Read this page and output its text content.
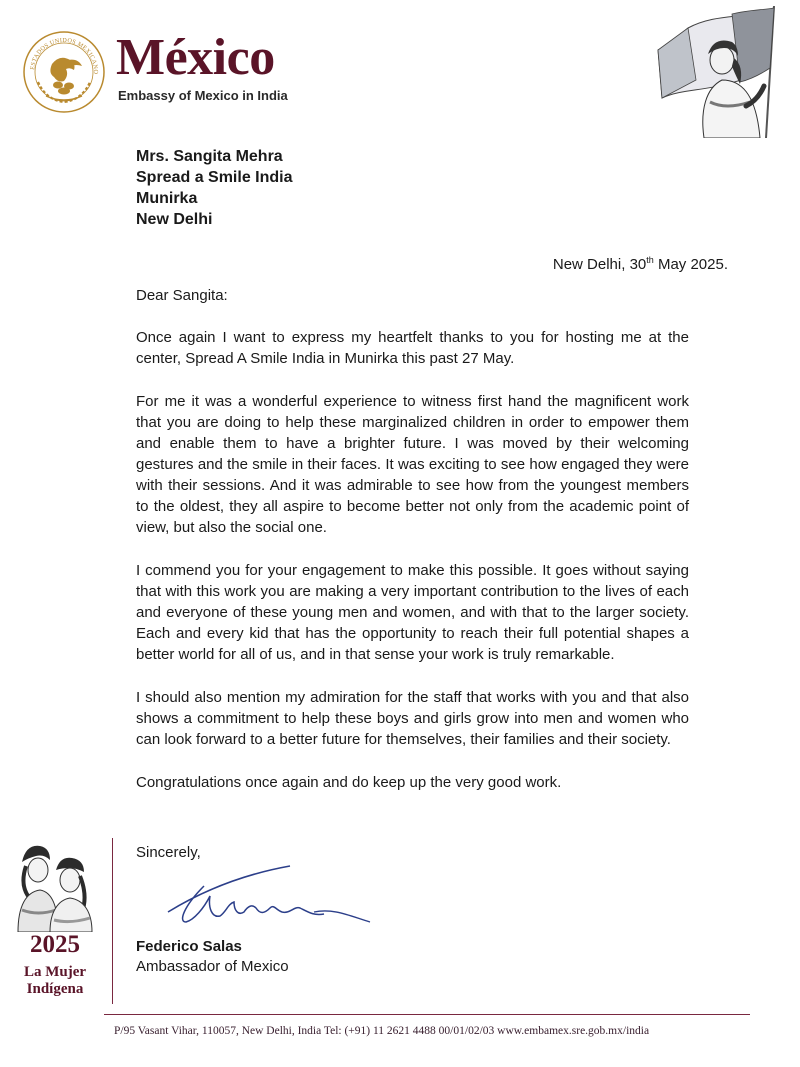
ESTADOS UNIDOS MEXICANO México
Embassy of Mexico in India
Mrs. Sangita Mehra
Spread a Smile India
Munirka
New Delhi
New Delhi, 30th May 2025.
Dear Sangita:

Once again I want to express my heartfelt thanks to you for hosting me at the center, Spread A Smile India in Munirka this past 27 May.

For me it was a wonderful experience to witness first hand the magnificent work that you are doing to help these marginalized children in order to empower them and enable them to have a brighter future. I was moved by their welcoming gestures and the smile in their faces. It was exciting to see how engaged they were with their sessions. And it was admirable to see how from the youngest members to the oldest, they all aspire to become better not only from the academic point of view, but also the social one.

I commend you for your engagement to make this possible. It goes without saying that with this work you are making a very important contribution to the lives of each and everyone of these young men and women, and with that to the larger society. Each and every kid that has the opportunity to reach their full potential shapes a better world for all of us, and in that sense your work is truly remarkable.

I should also mention my admiration for the staff that works with you and that also shows a commitment to help these boys and girls grow into men and women who can look forward to a better future for themselves, their families and their society.

Congratulations once again and do keep up the very good work.

Sincerely,
Federico Salas
Ambassador of Mexico
2025
La Mujer
Indígena
P/95 Vasant Vihar, 110057, New Delhi, India Tel: (+91) 11 2621 4488 00/01/02/03 www.embamex.sre.gob.mx/india
